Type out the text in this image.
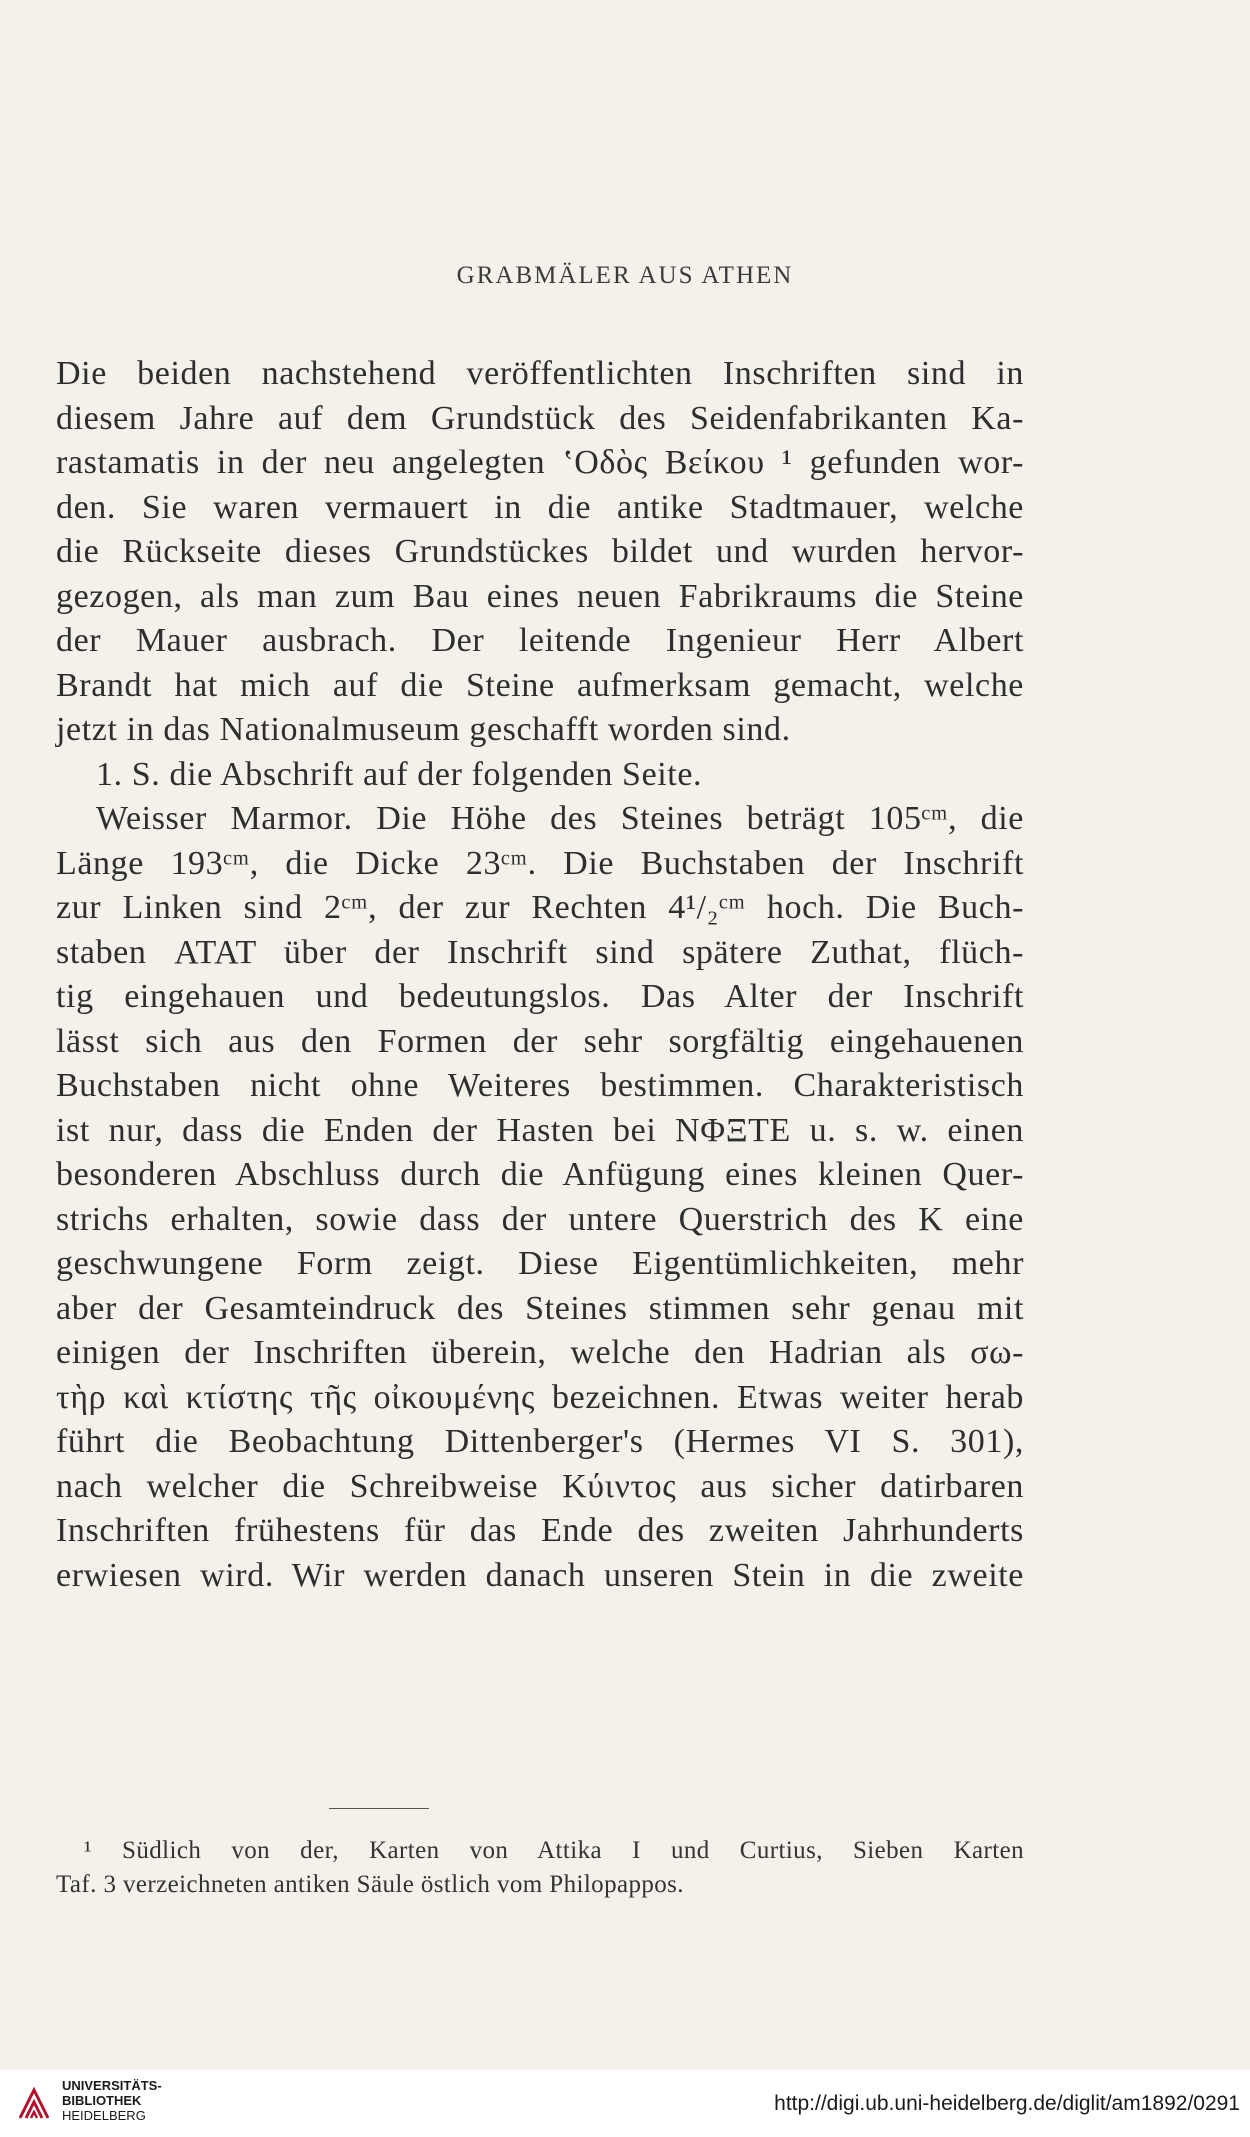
GRABMÄLER AUS ATHEN
Die beiden nachstehend veröffentlichten Inschriften sind in
diesem Jahre auf dem Grundstück des Seidenfabrikanten Ka-
rastamatis in der neu angelegten ʽΟδὸς Βείκου ¹ gefunden wor-
den. Sie waren vermauert in die antike Stadtmauer, welche
die Rückseite dieses Grundstückes bildet und wurden hervor-
gezogen, als man zum Bau eines neuen Fabrikraums die Steine
der Mauer ausbrach. Der leitende Ingenieur Herr Albert
Brandt hat mich auf die Steine aufmerksam gemacht, welche
jetzt in das Nationalmuseum geschafft worden sind.
1. S. die Abschrift auf der folgenden Seite.
Weisser Marmor. Die Höhe des Steines beträgt 105ᶜᵐ, die
Länge 193ᶜᵐ, die Dicke 23ᶜᵐ. Die Buchstaben der Inschrift
zur Linken sind 2ᶜᵐ, der zur Rechten 4¹/₂ᶜᵐ hoch. Die Buch-
staben ΑΤΑΤ über der Inschrift sind spätere Zuthat, flüch-
tig eingehauen und bedeutungslos. Das Alter der Inschrift
lässt sich aus den Formen der sehr sorgfältig eingehauenen
Buchstaben nicht ohne Weiteres bestimmen. Charakteristisch
ist nur, dass die Enden der Hasten bei ΝΦΞΤΕ u. s. w. einen
besonderen Abschluss durch die Anfügung eines kleinen Quer-
strichs erhalten, sowie dass der untere Querstrich des Κ eine
geschwungene Form zeigt. Diese Eigentümlichkeiten, mehr
aber der Gesamteindruck des Steines stimmen sehr genau mit
einigen der Inschriften überein, welche den Hadrian als σω-
τὴρ καὶ κτίστης τῆς οἰκουμένης bezeichnen. Etwas weiter herab
führt die Beobachtung Dittenberger's (Hermes VI S. 301),
nach welcher die Schreibweise Κύιντος aus sicher datirbaren
Inschriften frühestens für das Ende des zweiten Jahrhunderts
erwiesen wird. Wir werden danach unseren Stein in die zweite
¹ Südlich von der, Karten von Attika I und Curtius, Sieben Karten
Taf. 3 verzeichneten antiken Säule östlich vom Philopappos.
UNIVERSITÄTS-
BIBLIOTHEK
HEIDELBERG
http://digi.ub.uni-heidelberg.de/diglit/am1892/0291
